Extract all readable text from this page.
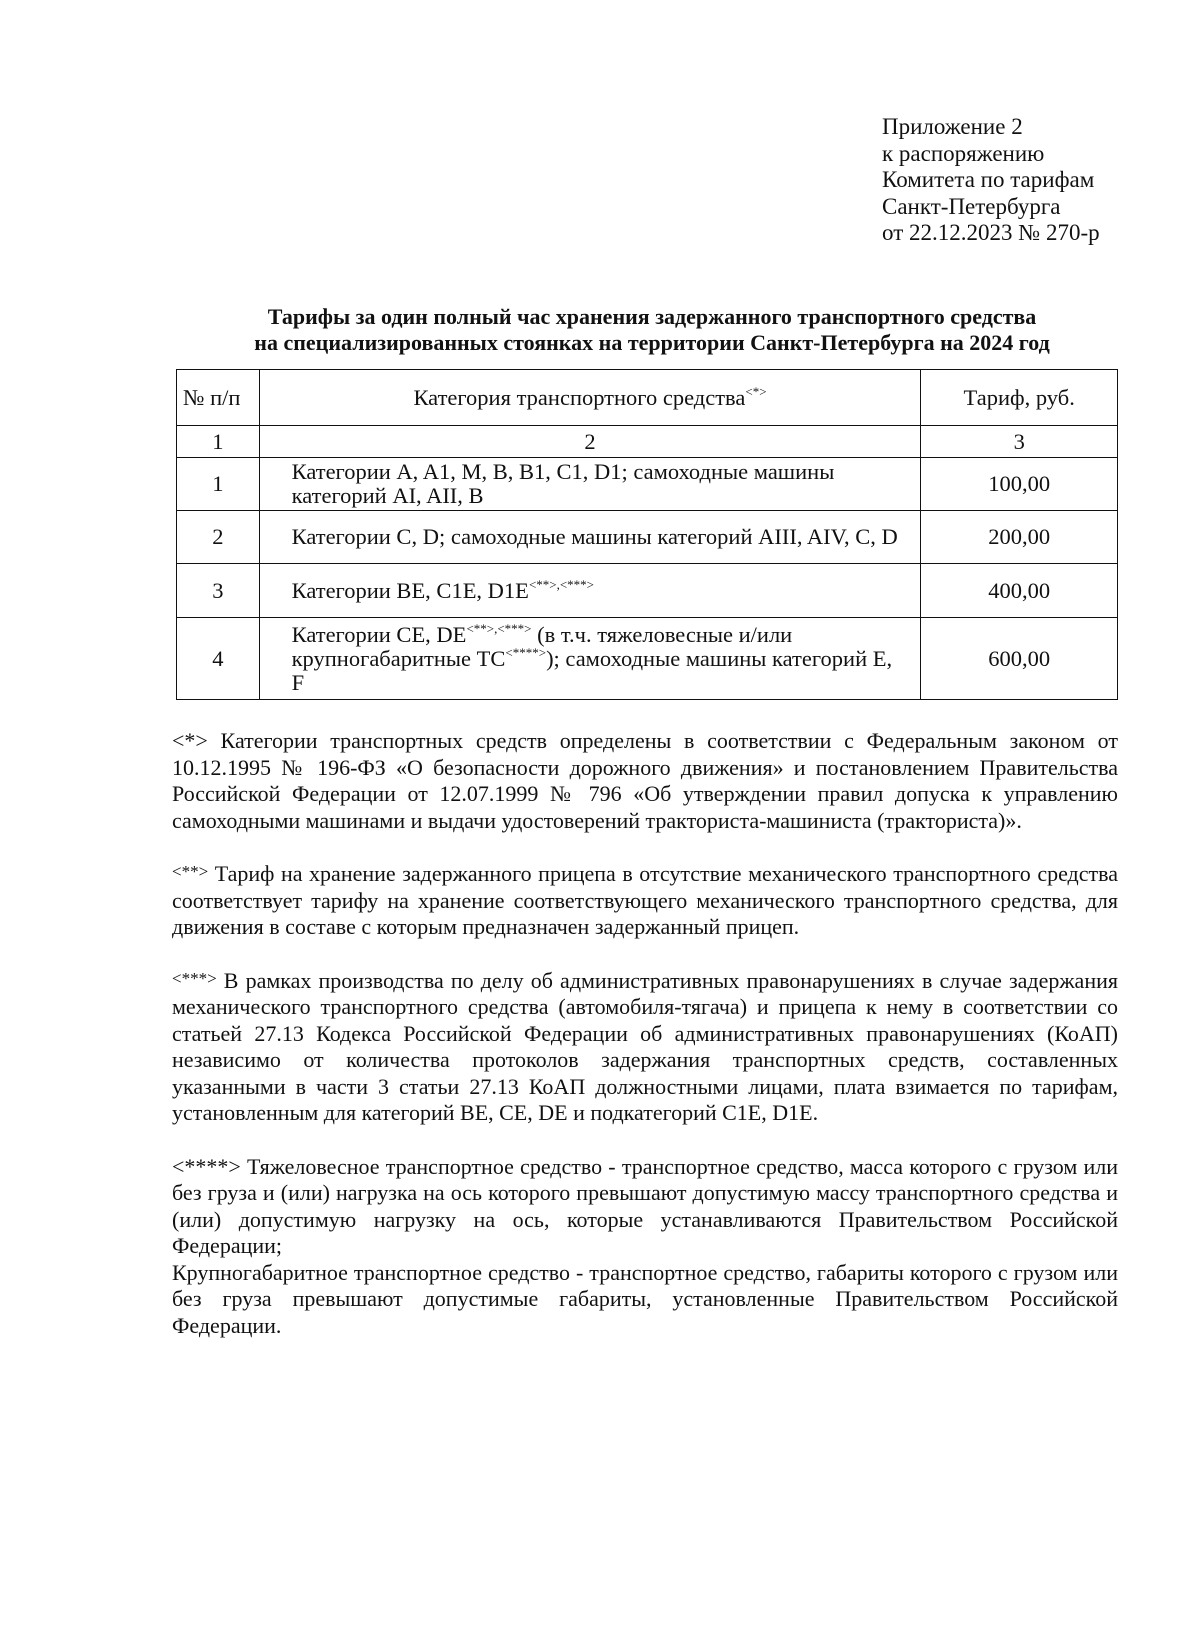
Приложение 2
к распоряжению
Комитета по тарифам
Санкт-Петербурга
от 22.12.2023 № 270-р
Тарифы за один полный час хранения задержанного транспортного средства
на специализированных стоянках на территории Санкт-Петербурга на 2024 год
№ п/п	Категория транспортного средства<*>	Тариф, руб.
1	2	3
1	Категории A, A1, M, B, B1, C1, D1; самоходные машины категорий AI, AII, B	100,00
2	Категории C, D; самоходные машины категорий AIII, AIV, C, D	200,00
3	Категории BE, C1E, D1E<**>,<***>	400,00
4	Категории CE, DE<**>,<***> (в т.ч. тяжеловесные и/или крупногабаритные ТС<****>); самоходные машины категорий E, F	600,00

<*> Категории транспортных средств определены в соответствии с Федеральным законом от 10.12.1995 № 196-ФЗ «О безопасности дорожного движения» и постановлением Правительства Российской Федерации от 12.07.1999 № 796 «Об утверждении правил допуска к управлению самоходными машинами и выдачи удостоверений тракториста-машиниста (тракториста)».

<**> Тариф на хранение задержанного прицепа в отсутствие механического транспортного средства соответствует тарифу на хранение соответствующего механического транспортного средства, для движения в составе с которым предназначен задержанный прицеп.

<***> В рамках производства по делу об административных правонарушениях в случае задержания механического транспортного средства (автомобиля-тягача) и прицепа к нему в соответствии со статьей 27.13 Кодекса Российской Федерации об административных правонарушениях (КоАП) независимо от количества протоколов задержания транспортных средств, составленных указанными в части 3 статьи 27.13 КоАП должностными лицами, плата взимается по тарифам, установленным для категорий BE, CE, DE и подкатегорий C1E, D1E.

<****> Тяжеловесное транспортное средство - транспортное средство, масса которого с грузом или без груза и (или) нагрузка на ось которого превышают допустимую массу транспортного средства и (или) допустимую нагрузку на ось, которые устанавливаются Правительством Российской Федерации;

Крупногабаритное транспортное средство - транспортное средство, габариты которого с грузом или без груза превышают допустимые габариты, установленные Правительством Российской Федерации.
